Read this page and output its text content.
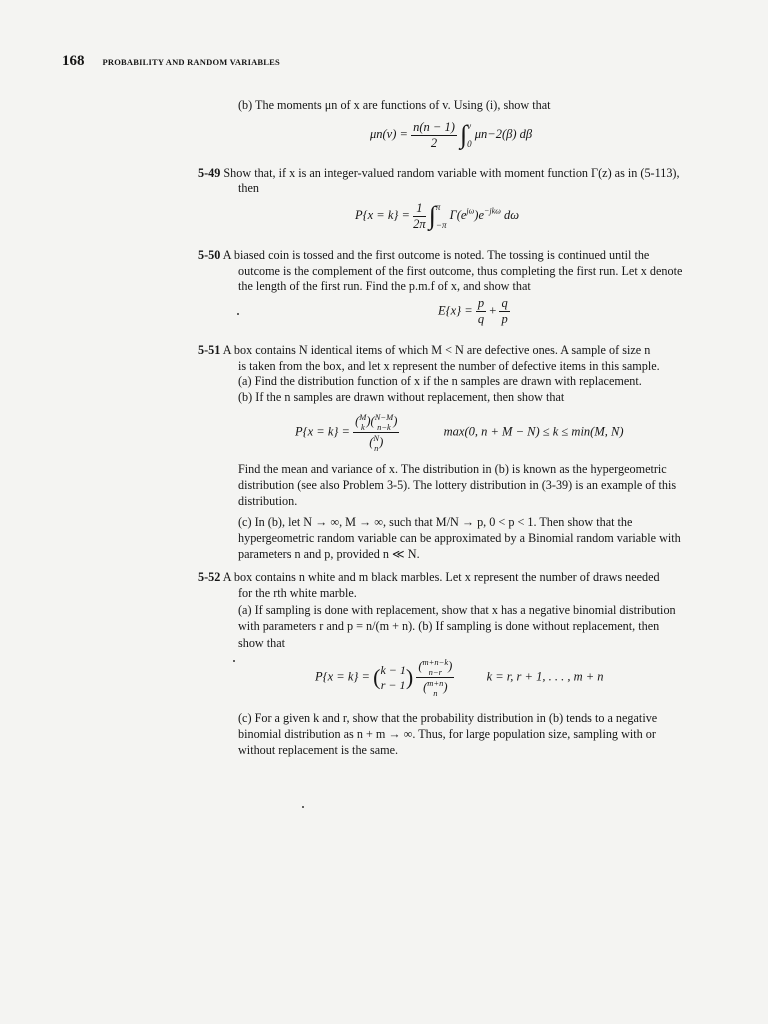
168 PROBABILITY AND RANDOM VARIABLES
(b) The moments μn of x are functions of v. Using (i), show that
$\mu n(v) = \frac{n(n - 1)}{2}$ ∫ v
0
μn−2(β) dβ
5-49 Show that, if x is an integer-valued random variable with moment function Γ(z) as in (5-113),
then
$P\{x = k\} = \frac{1}{2\pi}$ ∫ π
−π
$\Gamma(e^{j\omega})e^{-jk\omega}$ dω
5-50 A biased coin is tossed and the first outcome is noted. The tossing is continued until the
outcome is the complement of the first outcome, thus completing the first run. Let x denote
the length of the first run. Find the p.m.f of x, and show that
$E\{x\} = \frac{p}{q} + \frac{q}{p}$
5-51 A box contains N identical items of which M < N are defective ones. A sample of size n
is taken from the box, and let x represent the number of defective items in this sample.
(a) Find the distribution function of x if the n samples are drawn with replacement.
(b) If the n samples are drawn without replacement, then show that
P{x = k} = ( M
k )( N−M
n−k )
( N
n )	max(0, n + M − N) ≤ k ≤ min(M, N)
Find the mean and variance of x. The distribution in (b) is known as the hypergeometric
distribution (see also Problem 3-5). The lottery distribution in (3-39) is an example of this
distribution.
(c) In (b), let N → ∞, M → ∞, such that M/N → p, 0 < p < 1. Then show that the
hypergeometric random variable can be approximated by a Binomial random variable with
parameters n and p, provided n ≪ N.
5-52 A box contains n white and m black marbles. Let x represent the number of draws needed
for the rth white marble.
(a) If sampling is done with replacement, show that x has a negative binomial distribution
with parameters r and p = n/(m + n). (b) If sampling is done without replacement, then
show that
P{x = k} = ( k − 1
r − 1 ) ( m+n−k
n−r )
( m+n
n )	k = r, r + 1, . . . , m + n
(c) For a given k and r, show that the probability distribution in (b) tends to a negative
binomial distribution as n + m → ∞. Thus, for large population size, sampling with or
without replacement is the same.
